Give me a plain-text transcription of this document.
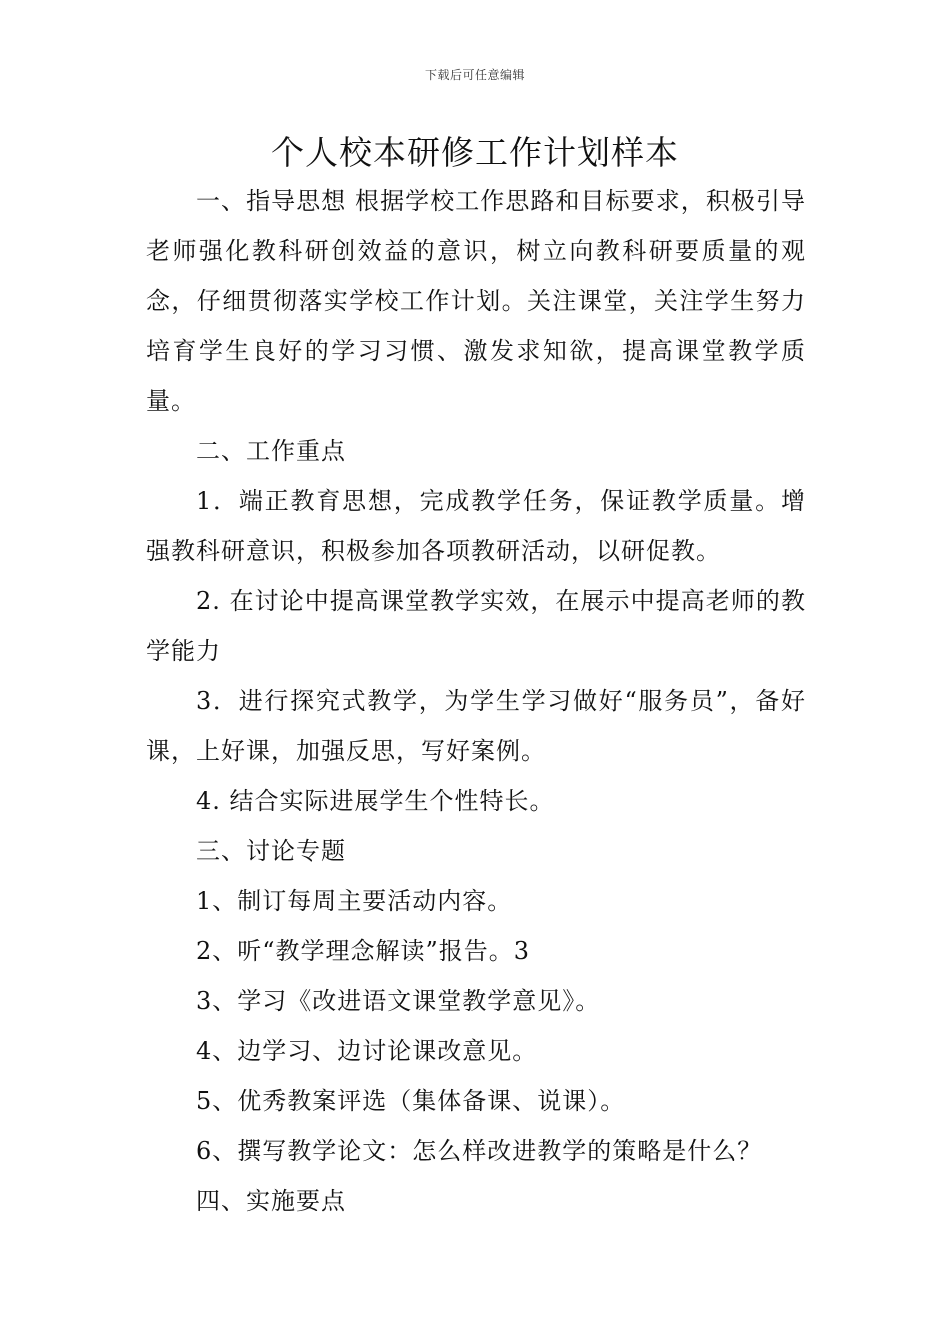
下载后可任意编辑
个人校本研修工作计划样本

一、指导思想 根据学校工作思路和目标要求，积极引导老师强化教科研创效益的意识，树立向教科研要质量的观念，仔细贯彻落实学校工作计划。关注课堂，关注学生努力培育学生良好的学习习惯、激发求知欲，提高课堂教学质量。

二、工作重点

1．端正教育思想，完成教学任务，保证教学质量。增强教科研意识，积极参加各项教研活动，以研促教。

2. 在讨论中提高课堂教学实效，在展示中提高老师的教学能力

3．进行探究式教学，为学生学习做好“服务员”，备好课，上好课，加强反思，写好案例。

4. 结合实际进展学生个性特长。

三、讨论专题

1、制订每周主要活动内容。

2、听“教学理念解读”报告。3

3、学习《改进语文课堂教学意见》。

4、边学习、边讨论课改意见。

5、优秀教案评选（集体备课、说课）。

6、撰写教学论文：怎么样改进教学的策略是什么？

四、实施要点
